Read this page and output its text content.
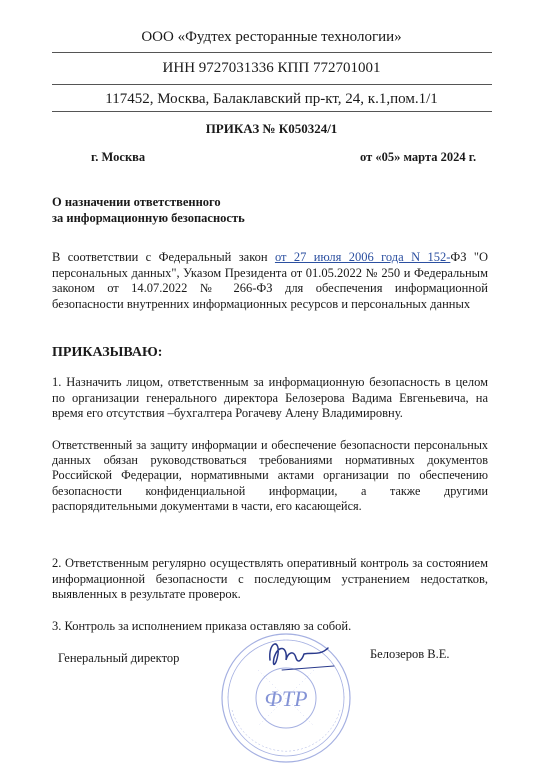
ООО «Фудтех ресторанные технологии»
ИНН 9727031336 КПП 772701001
117452, Москва, Балаклавский пр-кт, 24, к.1,пом.1/1
ПРИКАЗ № К050324/1
г. Москва	от «05» марта 2024 г.
О назначении ответственного
за информационную безопасность
В соответствии с Федеральный закон от 27 июля 2006 года N 152-ФЗ "О персональных данных", Указом Президента от 01.05.2022 № 250 и Федеральным законом от 14.07.2022 № 266-ФЗ для обеспечения информационной безопасности внутренних информационных ресурсов и персональных данных
ПРИКАЗЫВАЮ:
1. Назначить лицом, ответственным за информационную безопасность в целом по организации генерального директора Белозерова Вадима Евгеньевича, на время его отсутствия –бухгалтера Рогачеву Алену Владимировну.
Ответственный за защиту информации и обеспечение безопасности персональных данных обязан руководствоваться требованиями нормативных документов Российской Федерации, нормативными актами организации по обеспечению безопасности конфиденциальной информации, а также другими распорядительными документами в части, его касающейся.
2. Ответственным регулярно осуществлять оперативный контроль за состоянием информационной безопасности с последующим устранением недостатков, выявленных в результате проверок.
3. Контроль за исполнением приказа оставляю за собой.
Генеральный директор	Белозеров В.Е.
ФТР
